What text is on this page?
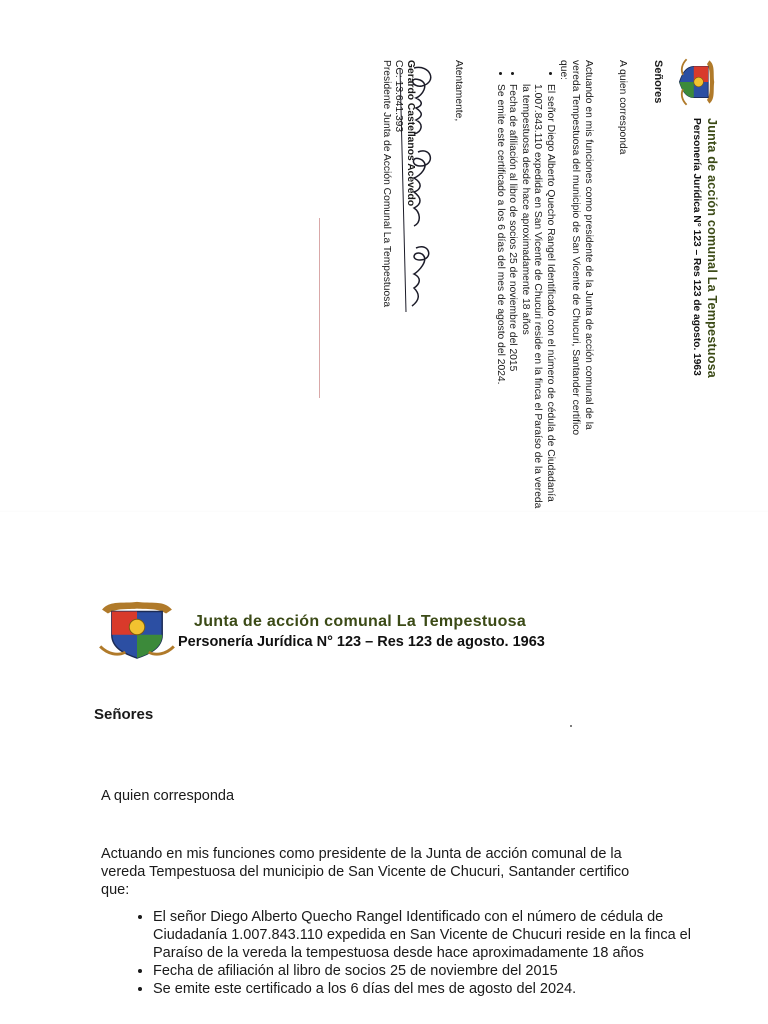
Junta de acción comunal La Tempestuosa
Personería Jurídica N° 123 – Res 123 de agosto. 1963
Señores
A quien corresponda
Actuando en mis funciones como presidente de la Junta de acción comunal de la vereda Tempestuosa del municipio de San Vicente de Chucuri, Santander certifico que:
• El señor Diego Alberto Quecho Rangel Identificado con el número de cédula de Ciudadanía 1.007.843.110 expedida en San Vicente de Chucuri reside en la finca el Paraíso de la vereda la tempestuosa desde hace aproximadamente 18 años
• Fecha de afiliación al libro de socios 25 de noviembre del 2015
• Se emite este certificado a los 6 días del mes de agosto del 2024.
Atentamente,
Gerardo Castellanos Acevedo
CC: 13.641.393
Presidente Junta de Acción Comunal La Tempestuosa
Junta de acción comunal La Tempestuosa
Personería Jurídica N° 123 – Res 123 de agosto. 1963
Señores
A quien corresponda
Actuando en mis funciones como presidente de la Junta de acción comunal de la vereda Tempestuosa del municipio de San Vicente de Chucuri, Santander certifico que:
• El señor Diego Alberto Quecho Rangel Identificado con el número de cédula de Ciudadanía 1.007.843.110 expedida en San Vicente de Chucuri reside en la finca el Paraíso de la vereda la tempestuosa desde hace aproximadamente 18 años
• Fecha de afiliación al libro de socios 25 de noviembre del 2015
• Se emite este certificado a los 6 días del mes de agosto del 2024.
